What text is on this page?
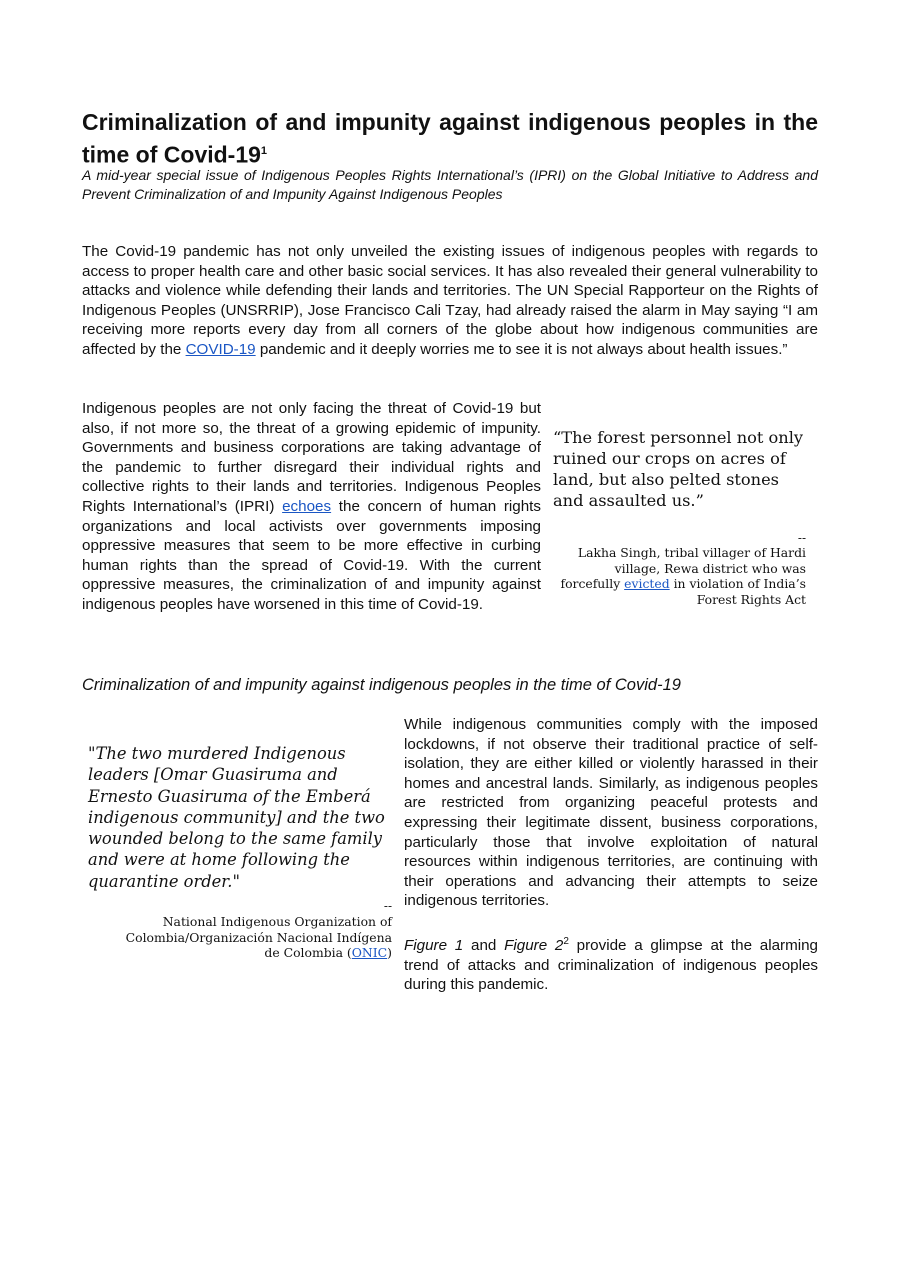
Criminalization of and impunity against indigenous peoples in the time of Covid-$19^1$

A mid-year special issue of Indigenous Peoples Rights International’s (IPRI) on the Global Initiative to Address and Prevent Criminalization of and Impunity Against Indigenous Peoples

The Covid-19 pandemic has not only unveiled the existing issues of indigenous peoples with regards to access to proper health care and other basic social services. It has also revealed their general vulnerability to attacks and violence while defending their lands and territories. The UN Special Rapporteur on the Rights of Indigenous Peoples (UNSRRIP), Jose Francisco Cali Tzay, had already raised the alarm in May saying “I am receiving more reports every day from all corners of the globe about how indigenous communities are affected by the COVID-19 pandemic and it deeply worries me to see it is not always about health issues.”

Indigenous peoples are not only facing the threat of Covid-19 but also, if not more so, the threat of a growing epidemic of impunity. Governments and business corporations are taking advantage of the pandemic to further disregard their individual rights and collective rights to their lands and territories. Indigenous Peoples Rights International’s (IPRI) echoes the concern of human rights organizations and local activists over governments imposing oppressive measures that seem to be more effective in curbing human rights than the spread of Covid-19. With the current oppressive measures, the criminalization of and impunity against indigenous peoples have worsened in this time of Covid-19.

“The forest personnel not only ruined our crops on acres of land, but also pelted stones and assaulted us.”

--

Lakha Singh, tribal villager of Hardi village, Rewa district who was forcefully evicted in violation of India’s Forest Rights Act

Criminalization of and impunity against indigenous peoples in the time of Covid-19

"The two murdered Indigenous leaders [Omar Guasiruma and Ernesto Guasiruma of the Emberá indigenous community] and the two wounded belong to the same family and were at home following the quarantine order."

--

National Indigenous Organization of Colombia/Organización Nacional Indígena de Colombia (ONIC)

While indigenous communities comply with the imposed lockdowns, if not observe their traditional practice of self-isolation, they are either killed or violently harassed in their homes and ancestral lands. Similarly, as indigenous peoples are restricted from organizing peaceful protests and expressing their legitimate dissent, business corporations, particularly those that involve exploitation of natural resources within indigenous territories, are continuing with their operations and advancing their attempts to seize indigenous territories.

Figure 1 and Figure $2^2$ provide a glimpse at the alarming trend of attacks and criminalization of indigenous peoples during this pandemic.
